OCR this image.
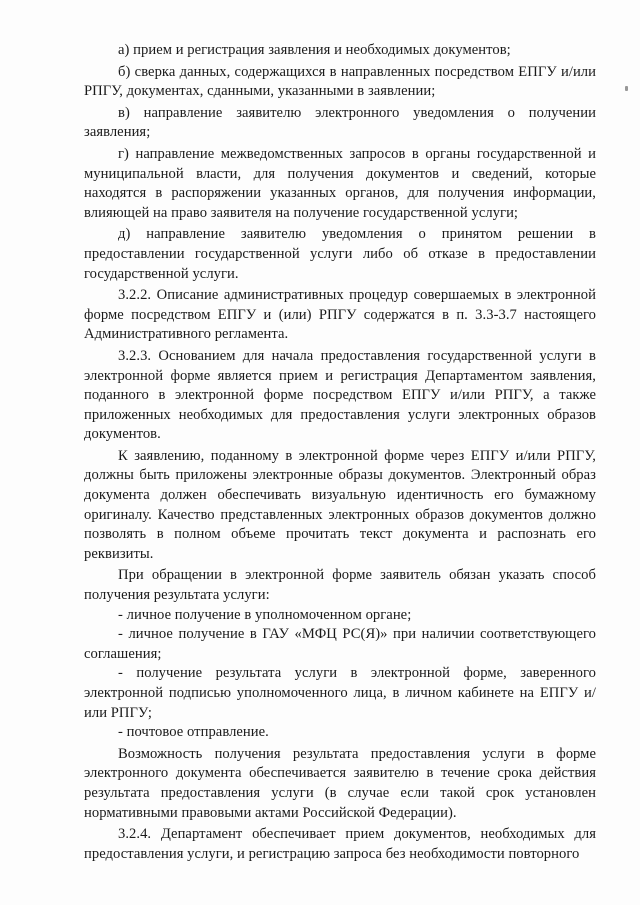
а) прием и регистрация заявления и необходимых документов;

б) сверка данных, содержащихся в направленных посредством ЕПГУ и/или РПГУ, документах, сданными, указанными в заявлении;

в) направление заявителю электронного уведомления о получении заявления;

г) направление межведомственных запросов в органы государственной и муниципальной власти, для получения документов и сведений, которые находятся в распоряжении указанных органов, для получения информации, влияющей на право заявителя на получение государственной услуги;

д) направление заявителю уведомления о принятом решении в предоставлении государственной услуги либо об отказе в предоставлении государственной услуги.

3.2.2. Описание административных процедур совершаемых в электронной форме посредством ЕПГУ и (или) РПГУ содержатся в п. 3.3-3.7 настоящего Административного регламента.

3.2.3. Основанием для начала предоставления государственной услуги в электронной форме является прием и регистрация Департаментом заявления, поданного в электронной форме посредством ЕПГУ и/или РПГУ, а также приложенных необходимых для предоставления услуги электронных образов документов.

К заявлению, поданному в электронной форме через ЕПГУ и/или РПГУ, должны быть приложены электронные образы документов. Электронный образ документа должен обеспечивать визуальную идентичность его бумажному оригиналу. Качество представленных электронных образов документов должно позволять в полном объеме прочитать текст документа и распознать его реквизиты.

При обращении в электронной форме заявитель обязан указать способ получения результата услуги:

- личное получение в уполномоченном органе;

- личное получение в ГАУ «МФЦ РС(Я)» при наличии соответствующего соглашения;

- получение результата услуги в электронной форме, заверенного электронной подписью уполномоченного лица, в личном кабинете на ЕПГУ и/или РПГУ;

- почтовое отправление.

Возможность получения результата предоставления услуги в форме электронного документа обеспечивается заявителю в течение срока действия результата предоставления услуги (в случае если такой срок установлен нормативными правовыми актами Российской Федерации).

3.2.4. Департамент обеспечивает прием документов, необходимых для предоставления услуги, и регистрацию запроса без необходимости повторного
